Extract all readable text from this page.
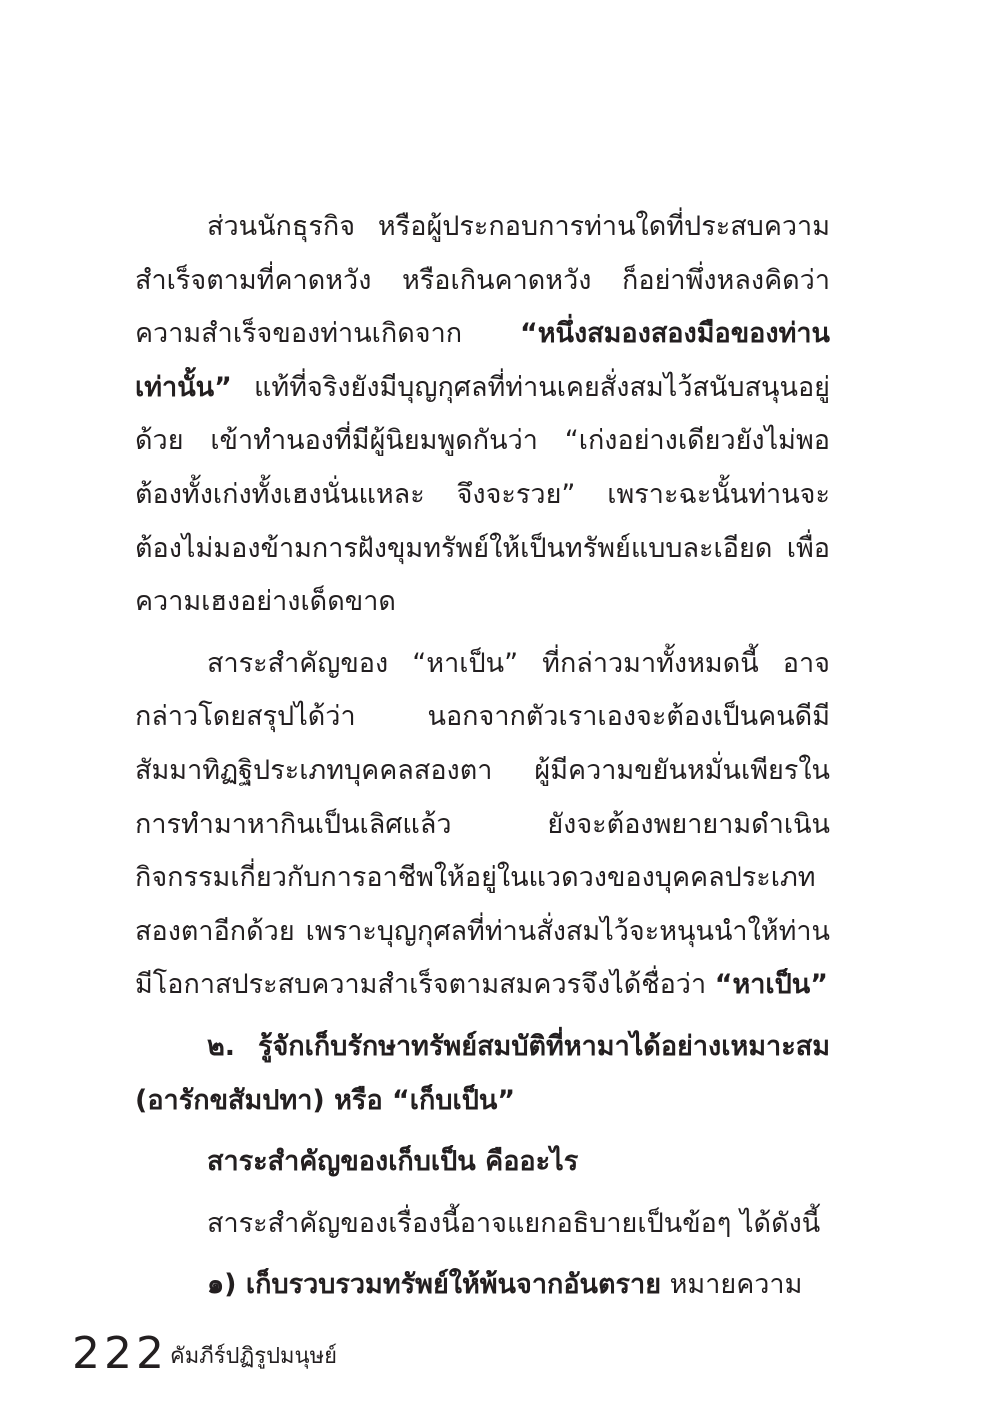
ส่วนนักธุรกิจ หรือผู้ประกอบการท่านใดที่ประสบความสำเร็จตามที่คาดหวัง หรือเกินคาดหวัง ก็อย่าพึ่งหลงคิดว่าความสำเร็จของท่านเกิดจาก “หนึ่งสมองสองมือของท่านเท่านั้น” แท้ที่จริงยังมีบุญกุศลที่ท่านเคยสั่งสมไว้สนับสนุนอยู่ด้วย เข้าทำนองที่มีผู้นิยมพูดกันว่า “เก่งอย่างเดียวยังไม่พอ ต้องทั้งเก่งทั้งเฮงนั่นแหละ จึงจะรวย” เพราะฉะนั้นท่านจะต้องไม่มองข้ามการฝังขุมทรัพย์ให้เป็นทรัพย์แบบละเอียด เพื่อความเฮงอย่างเด็ดขาด

สาระสำคัญของ “หาเป็น” ที่กล่าวมาทั้งหมดนี้ อาจกล่าวโดยสรุปได้ว่า นอกจากตัวเราเองจะต้องเป็นคนดีมีสัมมาทิฏฐิประเภทบุคคลสองตา ผู้มีความขยันหมั่นเพียรในการทำมาหากินเป็นเลิศแล้ว ยังจะต้องพยายามดำเนินกิจกรรมเกี่ยวกับการอาชีพให้อยู่ในแวดวงของบุคคลประเภทสองตาอีกด้วย เพราะบุญกุศลที่ท่านสั่งสมไว้จะหนุนนำให้ท่าน มีโอกาสประสบความสำเร็จตามสมควรจึงได้ชื่อว่า “หาเป็น”

๒. รู้จักเก็บรักษาทรัพย์สมบัติที่หามาได้อย่างเหมาะสม (อารักขสัมปทา) หรือ “เก็บเป็น”

สาระสำคัญของเก็บเป็น คืออะไร

สาระสำคัญของเรื่องนี้อาจแยกอธิบายเป็นข้อๆ ได้ดังนี้

๑) เก็บรวบรวมทรัพย์ให้พ้นจากอันตราย หมายความ

222 คัมภีร์ปฏิรูปมนุษย์
